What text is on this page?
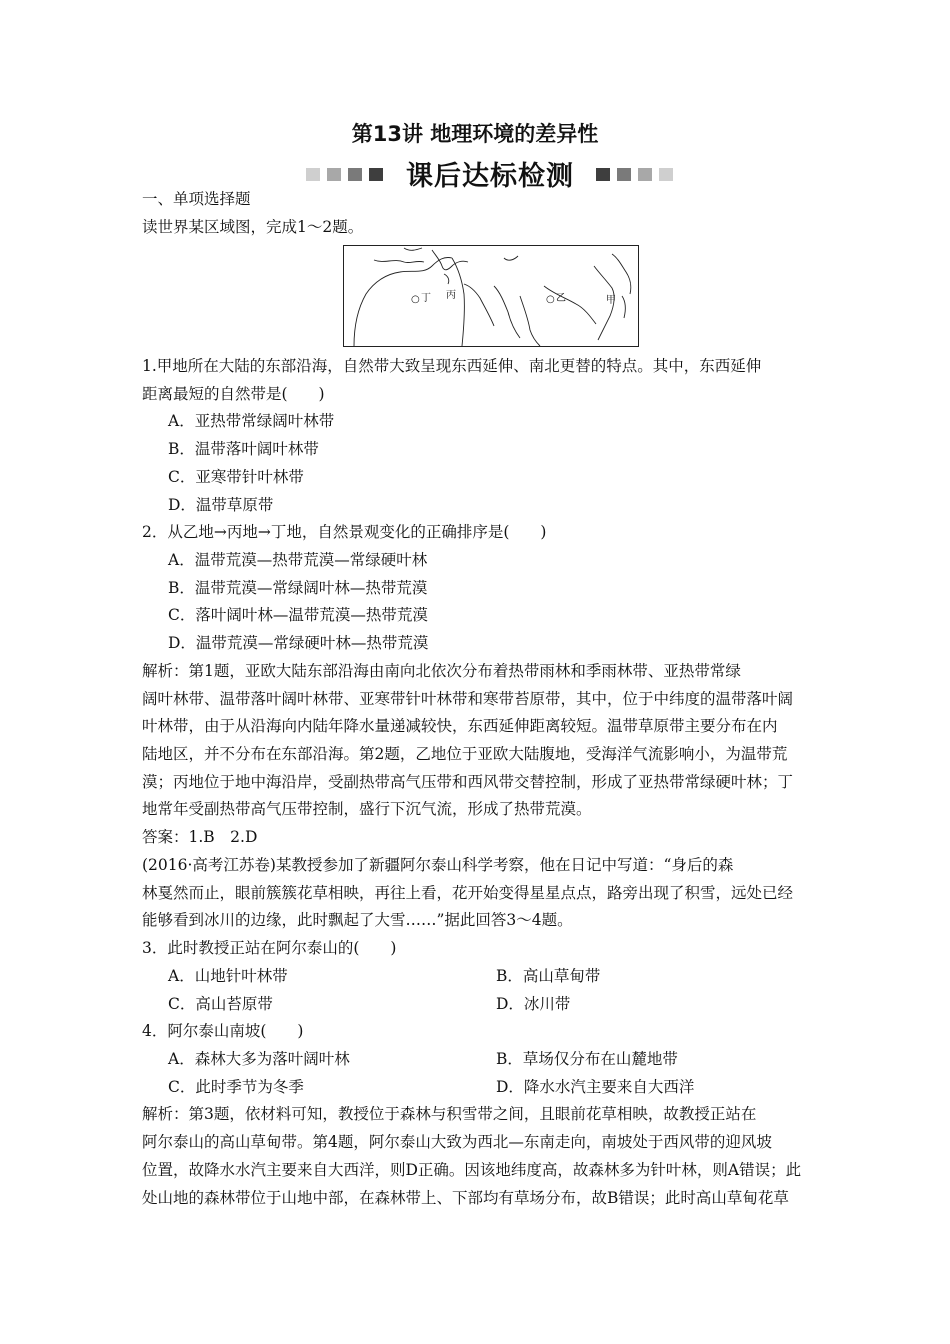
第13讲 地理环境的差异性
课后达标检测
一、单项选择题
读世界某区域图，完成1～2题。
○ 丁 丙	○ 乙	甲
1.甲地所在大陆的东部沿海，自然带大致呈现东西延伸、南北更替的特点。其中，东西延伸
距离最短的自然带是(　　)
A．亚热带常绿阔叶林带
B．温带落叶阔叶林带
C．亚寒带针叶林带
D．温带草原带
2．从乙地→丙地→丁地，自然景观变化的正确排序是(　　)
A．温带荒漠—热带荒漠—常绿硬叶林
B．温带荒漠—常绿阔叶林—热带荒漠
C．落叶阔叶林—温带荒漠—热带荒漠
D．温带荒漠—常绿硬叶林—热带荒漠
解析：第1题，亚欧大陆东部沿海由南向北依次分布着热带雨林和季雨林带、亚热带常绿
阔叶林带、温带落叶阔叶林带、亚寒带针叶林带和寒带苔原带，其中，位于中纬度的温带落叶阔
叶林带，由于从沿海向内陆年降水量递减较快，东西延伸距离较短。温带草原带主要分布在内
陆地区，并不分布在东部沿海。第2题，乙地位于亚欧大陆腹地，受海洋气流影响小，为温带荒
漠；丙地位于地中海沿岸，受副热带高气压带和西风带交替控制，形成了亚热带常绿硬叶林；丁
地常年受副热带高气压带控制，盛行下沉气流，形成了热带荒漠。
答案：1.B　2.D
(2016·高考江苏卷)某教授参加了新疆阿尔泰山科学考察，他在日记中写道：“身后的森
林戛然而止，眼前簇簇花草相映，再往上看，花开始变得星星点点，路旁出现了积雪，远处已经
能够看到冰川的边缘，此时飘起了大雪……”据此回答3～4题。
3．此时教授正站在阿尔泰山的(　　)
A．山地针叶林带	B．高山草甸带
C．高山苔原带	D．冰川带
4．阿尔泰山南坡(　　)
A．森林大多为落叶阔叶林	B．草场仅分布在山麓地带
C．此时季节为冬季	D．降水水汽主要来自大西洋
解析：第3题，依材料可知，教授位于森林与积雪带之间，且眼前花草相映，故教授正站在
阿尔泰山的高山草甸带。第4题，阿尔泰山大致为西北—东南走向，南坡处于西风带的迎风坡
位置，故降水水汽主要来自大西洋，则D正确。因该地纬度高，故森林多为针叶林，则A错误；此
处山地的森林带位于山地中部，在森林带上、下部均有草场分布，故B错误；此时高山草甸花草
